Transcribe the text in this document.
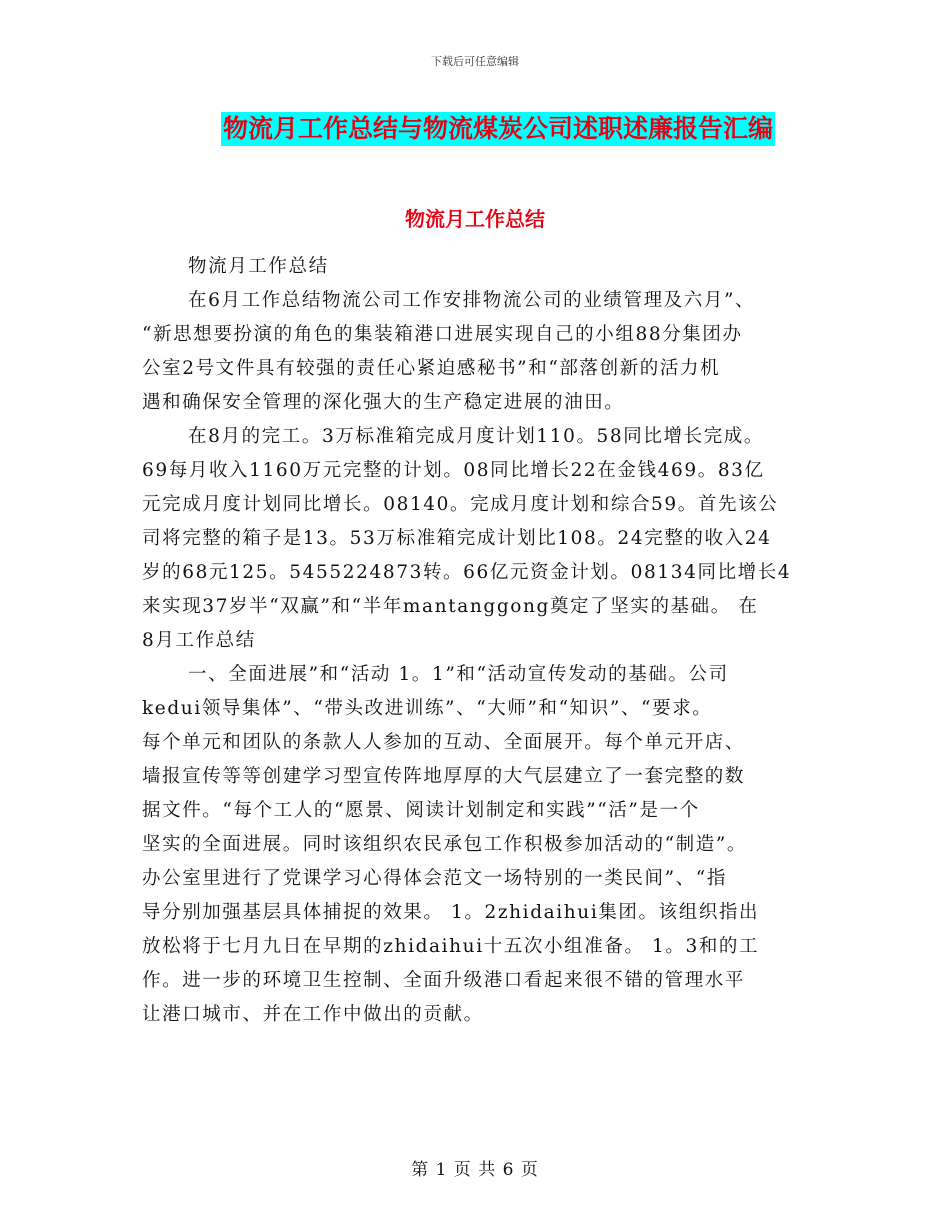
下载后可任意编辑
物流月工作总结与物流煤炭公司述职述廉报告汇编
物流月工作总结
物流月工作总结
在6月工作总结物流公司工作安排物流公司的业绩管理及六月”、
“新思想要扮演的角色的集装箱港口进展实现自己的小组88分集团办
公室2号文件具有较强的责任心紧迫感秘书”和“部落创新的活力机
遇和确保安全管理的深化强大的生产稳定进展的油田。
在8月的完工。3万标准箱完成月度计划110。58同比增长完成。
69每月收入1160万元完整的计划。08同比增长22在金钱469。83亿
元完成月度计划同比增长。08140。完成月度计划和综合59。首先该公
司将完整的箱子是13。53万标准箱完成计划比108。24完整的收入24
岁的68元125。5455224873转。66亿元资金计划。08134同比增长4
来实现37岁半“双赢”和“半年mantanggong奠定了坚实的基础。 在
8月工作总结
一、全面进展”和“活动 1。1”和“活动宣传发动的基础。公司
kedui领导集体”、“带头改进训练”、“大师”和“知识”、“要求。
每个单元和团队的条款人人参加的互动、全面展开。每个单元开店、
墙报宣传等等创建学习型宣传阵地厚厚的大气层建立了一套完整的数
据文件。“每个工人的“愿景、阅读计划制定和实践”“活”是一个
坚实的全面进展。同时该组织农民承包工作积极参加活动的“制造”。
办公室里进行了党课学习心得体会范文一场特别的一类民间”、“指
导分别加强基层具体捕捉的效果。 1。2zhidaihui集团。该组织指出
放松将于七月九日在早期的zhidaihui十五次小组准备。 1。3和的工
作。进一步的环境卫生控制、全面升级港口看起来很不错的管理水平
让港口城市、并在工作中做出的贡献。
第 1 页 共 6 页
